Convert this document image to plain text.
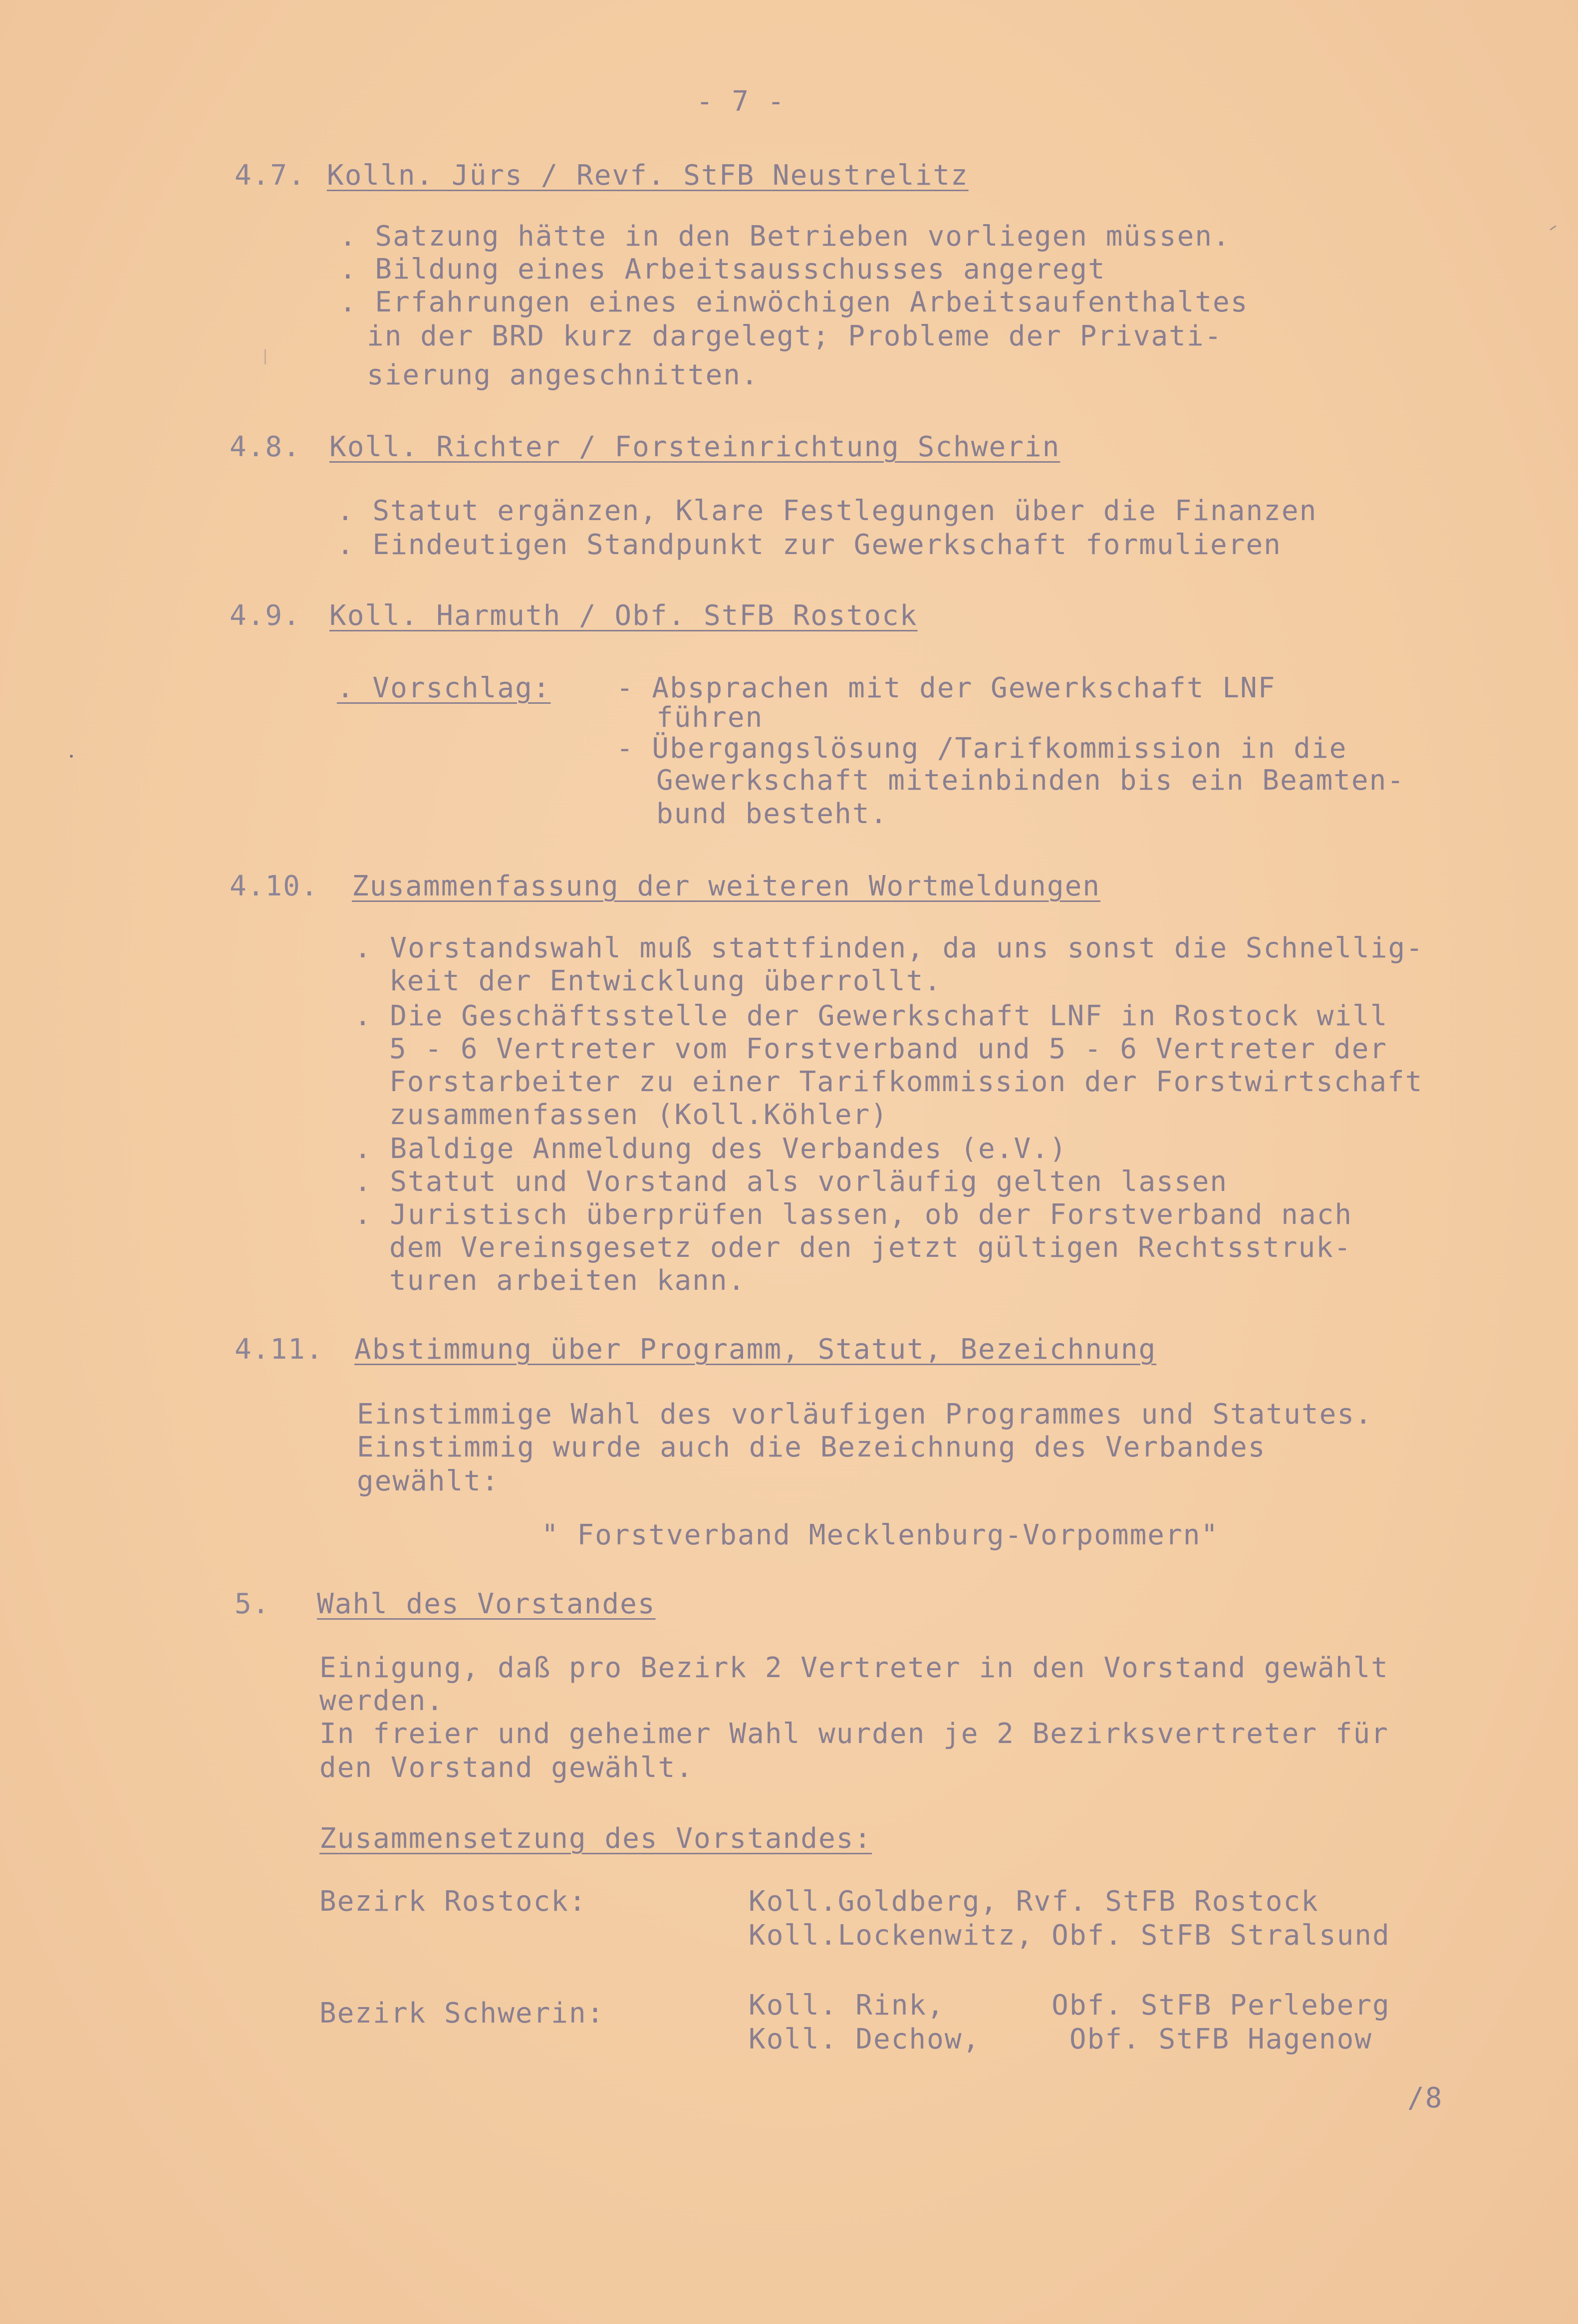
- 7 -
4.7. Kolln. Jürs / Revf. StFB Neustrelitz
. Satzung hätte in den Betrieben vorliegen müssen.
. Bildung eines Arbeitsausschusses angeregt
. Erfahrungen eines einwöchigen Arbeitsaufenthaltes
in der BRD kurz dargelegt; Probleme der Privati-
sierung angeschnitten.
4.8. Koll. Richter / Forsteinrichtung Schwerin
. Statut ergänzen, Klare Festlegungen über die Finanzen
. Eindeutigen Standpunkt zur Gewerkschaft formulieren
4.9. Koll. Harmuth / Obf. StFB Rostock
. Vorschlag: - Absprachen mit der Gewerkschaft LNF
führen
- Übergangslösung /Tarifkommission in die
Gewerkschaft miteinbinden bis ein Beamten-
bund besteht.
4.10. Zusammenfassung der weiteren Wortmeldungen
. Vorstandswahl muß stattfinden, da uns sonst die Schnellig-
keit der Entwicklung überrollt.
. Die Geschäftsstelle der Gewerkschaft LNF in Rostock will
5 - 6 Vertreter vom Forstverband und 5 - 6 Vertreter der
Forstarbeiter zu einer Tarifkommission der Forstwirtschaft
zusammenfassen (Koll.Köhler)
. Baldige Anmeldung des Verbandes (e.V.)
. Statut und Vorstand als vorläufig gelten lassen
. Juristisch überprüfen lassen, ob der Forstverband nach
dem Vereinsgesetz oder den jetzt gültigen Rechtsstruk-
turen arbeiten kann.
4.11. Abstimmung über Programm, Statut, Bezeichnung
Einstimmige Wahl des vorläufigen Programmes und Statutes.
Einstimmig wurde auch die Bezeichnung des Verbandes
gewählt:
" Forstverband Mecklenburg-Vorpommern"
5. Wahl des Vorstandes
Einigung, daß pro Bezirk 2 Vertreter in den Vorstand gewählt
werden.
In freier und geheimer Wahl wurden je 2 Bezirksvertreter für
den Vorstand gewählt.
Zusammensetzung des Vorstandes:
Bezirk Rostock:	Koll.Goldberg, Rvf. StFB Rostock
Koll.Lockenwitz, Obf. StFB Stralsund
Bezirk Schwerin:	Koll. Rink,      Obf. StFB Perleberg
Koll. Dechow,     Obf. StFB Hagenow
/8
